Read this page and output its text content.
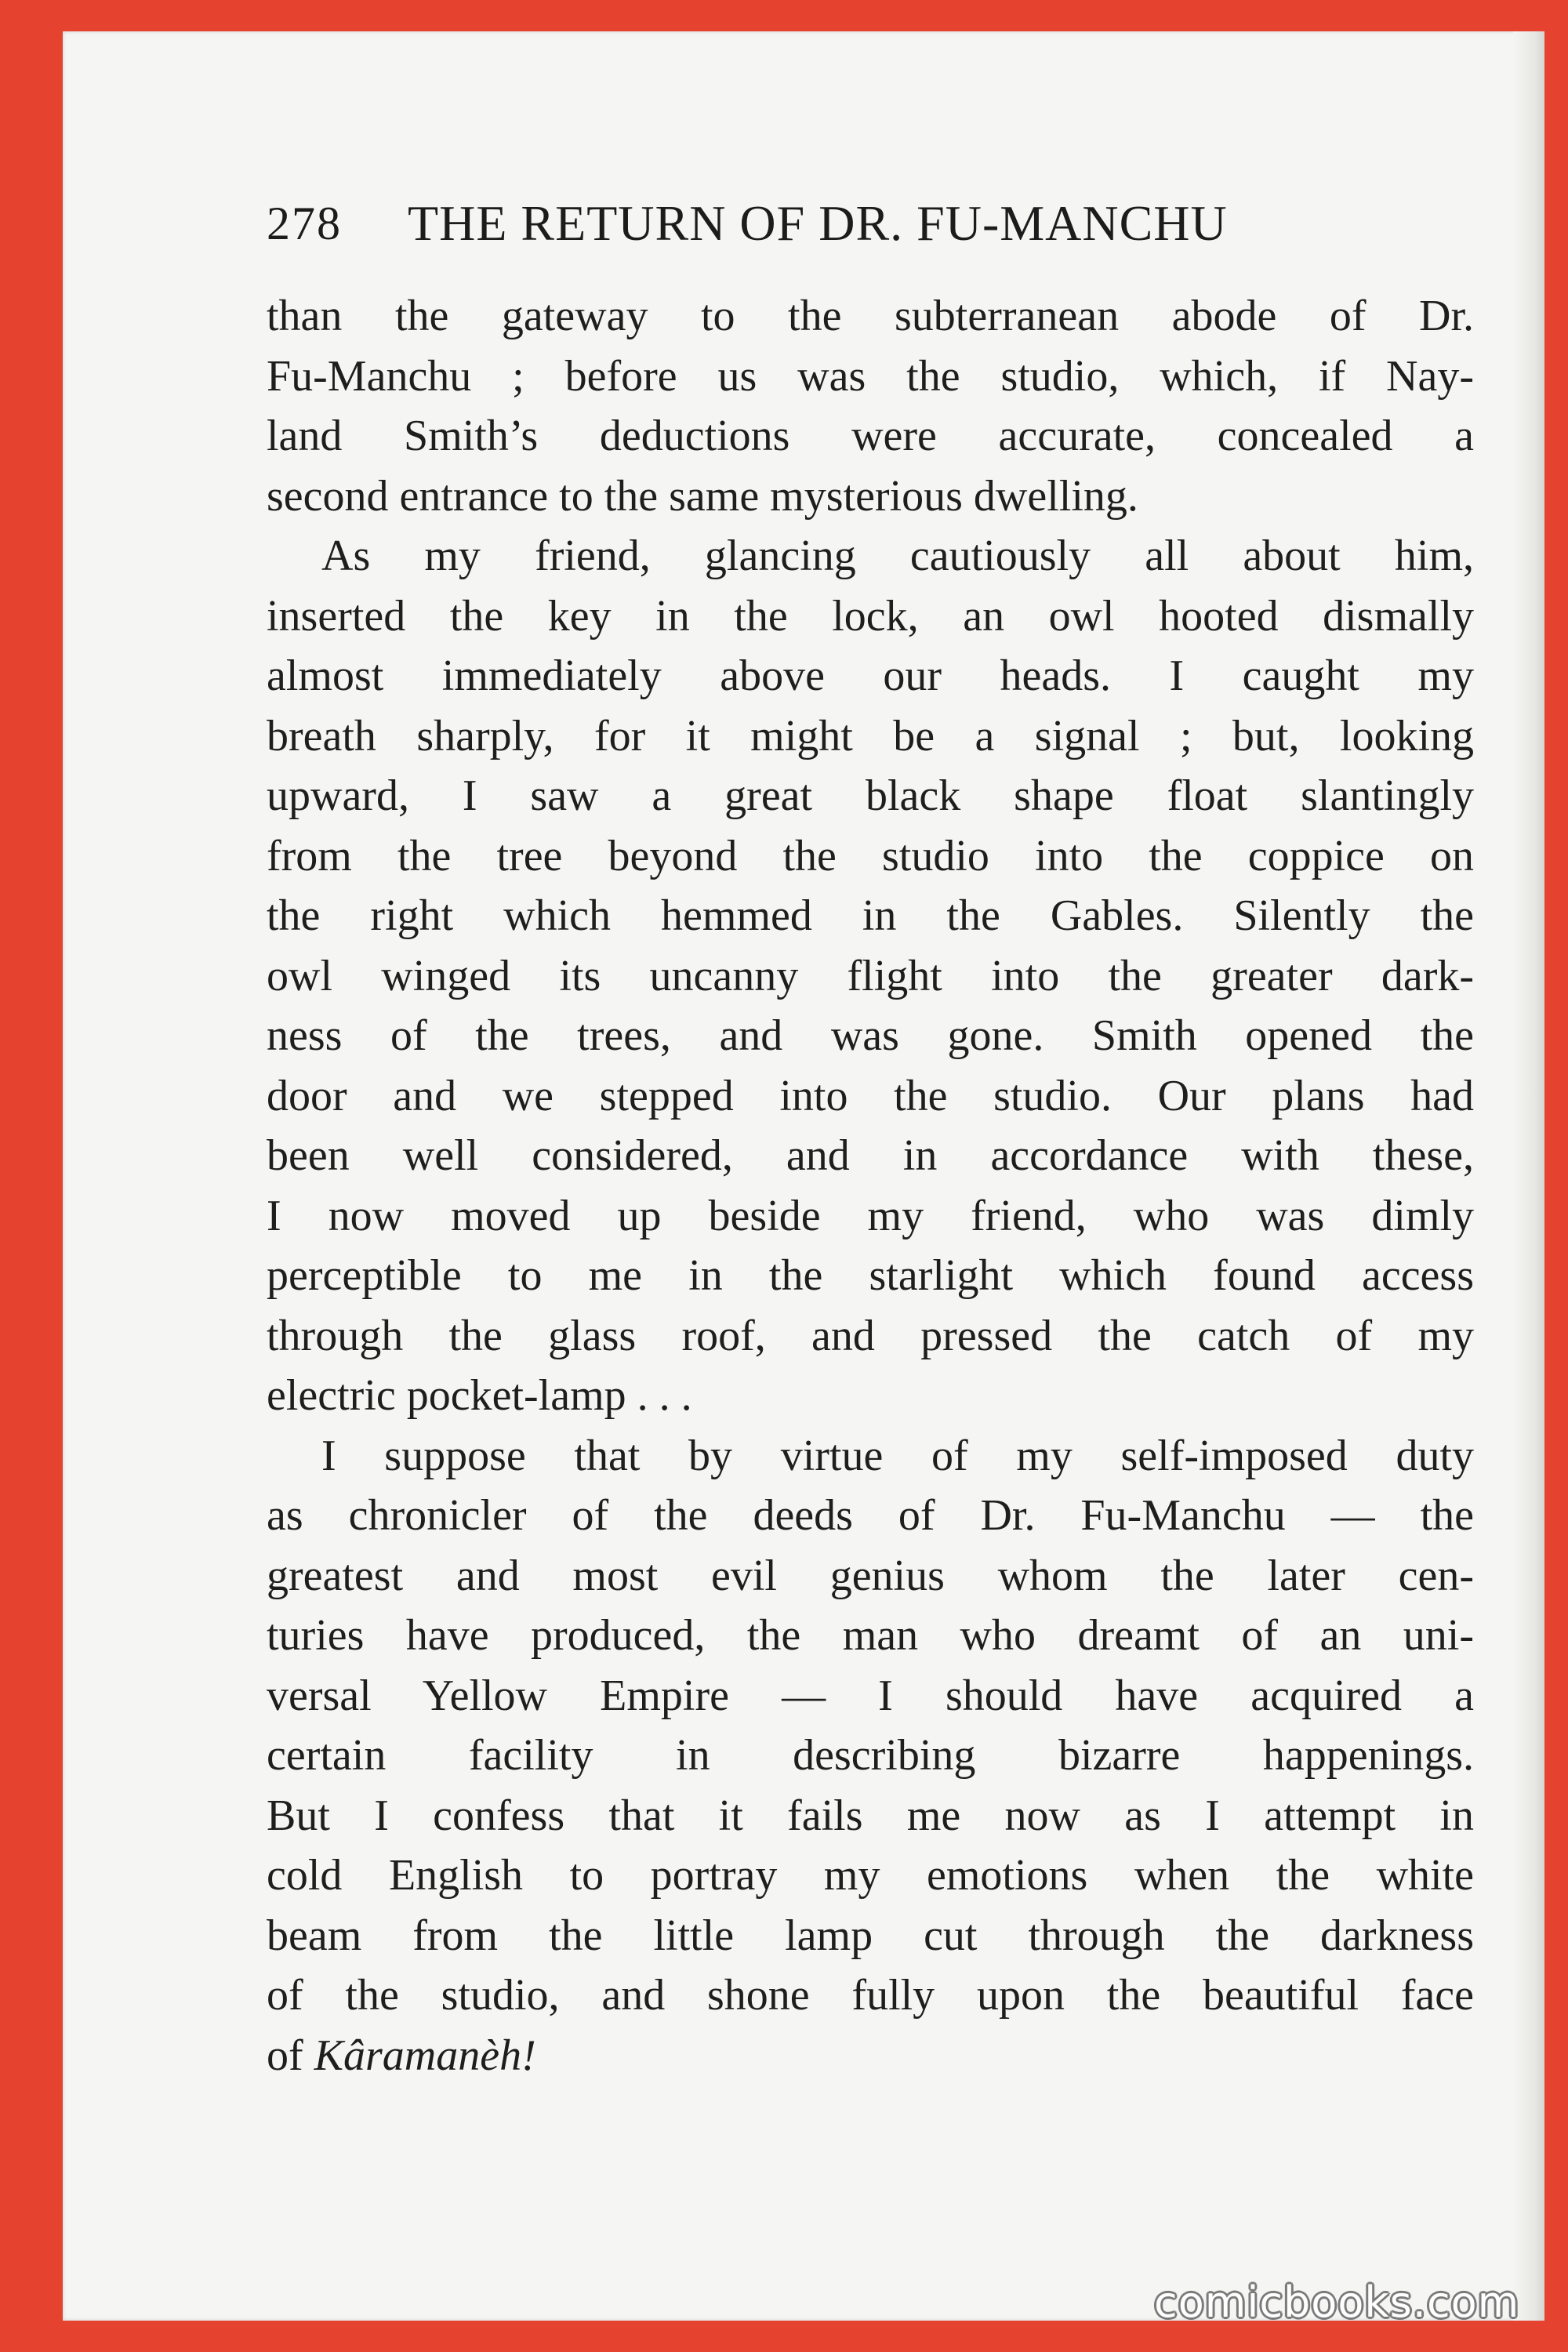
278 THE RETURN OF DR. FU-MANCHU
than the gateway to the subterranean abode of Dr.
Fu-Manchu ; before us was the studio, which, if Nay-
land Smith’s deductions were accurate, concealed a
second entrance to the same mysterious dwelling.
As my friend, glancing cautiously all about him,
inserted the key in the lock, an owl hooted dismally
almost immediately above our heads. I caught my
breath sharply, for it might be a signal ; but, looking
upward, I saw a great black shape float slantingly
from the tree beyond the studio into the coppice on
the right which hemmed in the Gables. Silently the
owl winged its uncanny flight into the greater dark-
ness of the trees, and was gone. Smith opened the
door and we stepped into the studio. Our plans had
been well considered, and in accordance with these,
I now moved up beside my friend, who was dimly
perceptible to me in the starlight which found access
through the glass roof, and pressed the catch of my
electric pocket-lamp . . .
I suppose that by virtue of my self-imposed duty
as chronicler of the deeds of Dr. Fu-Manchu — the
greatest and most evil genius whom the later cen-
turies have produced, the man who dreamt of an uni-
versal Yellow Empire — I should have acquired a
certain facility in describing bizarre happenings.
But I confess that it fails me now as I attempt in
cold English to portray my emotions when the white
beam from the little lamp cut through the darkness
of the studio, and shone fully upon the beautiful face
of Kâramanèh!
comicbooks.com
